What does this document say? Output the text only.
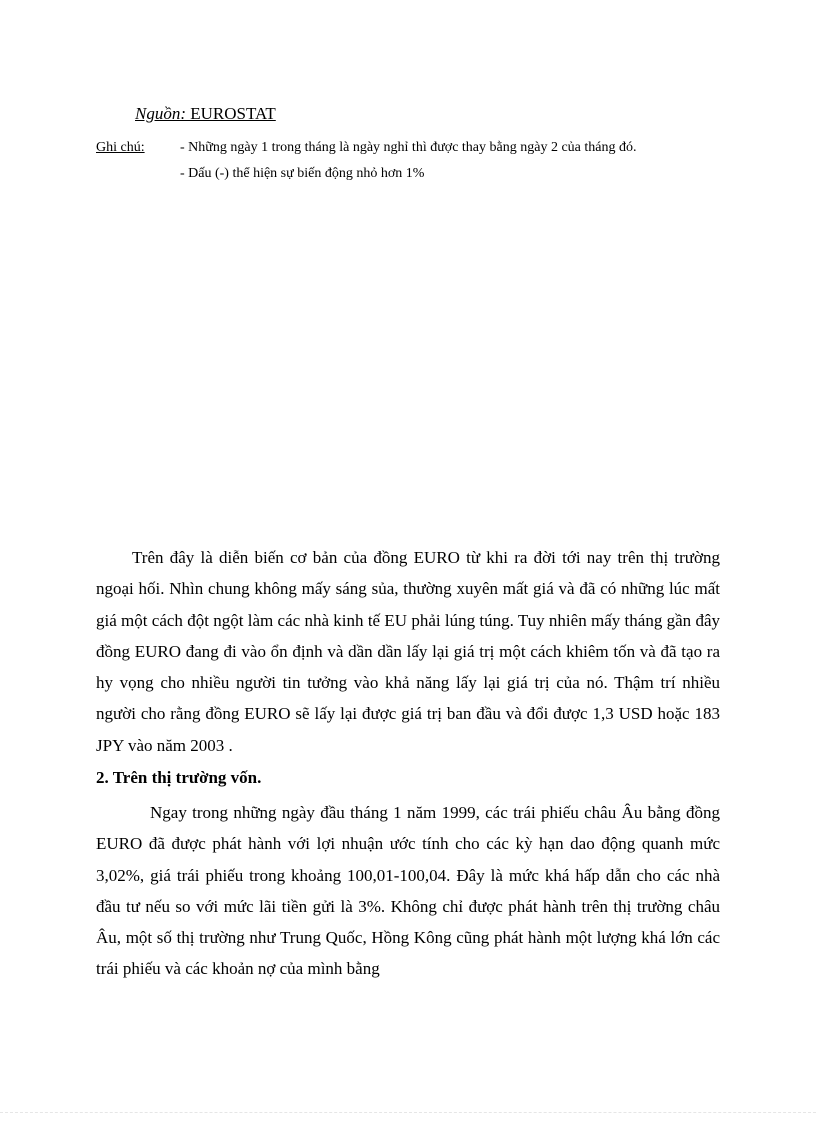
Nguồn: EUROSTAT
Ghi chú:	- Những ngày 1 trong tháng là ngày nghỉ thì được thay bằng ngày 2 của tháng đó.
- Dấu (-) thể hiện sự biến động nhỏ hơn 1%

Trên đây là diễn biến cơ bản của đồng EURO từ khi ra đời tới nay trên thị trường ngoại hối. Nhìn chung không mấy sáng sủa, thường xuyên mất giá và đã có những lúc mất giá một cách đột ngột làm các nhà kinh tế EU phải lúng túng. Tuy nhiên mấy tháng gần đây đồng EURO đang đi vào ổn định và dần dần lấy lại giá trị một cách khiêm tốn và đã tạo ra hy vọng cho nhiều người tin tưởng vào khả năng lấy lại giá trị của nó. Thậm trí nhiều người cho rằng đồng EURO sẽ lấy lại được giá trị ban đầu và đổi được 1,3 USD hoặc 183 JPY vào năm 2003 .

2. Trên thị trường vốn.

Ngay trong những ngày đầu tháng 1 năm 1999, các trái phiếu châu Âu bằng đồng EURO đã được phát hành với lợi nhuận ước tính cho các kỳ hạn dao động quanh mức 3,02%, giá trái phiếu trong khoảng 100,01-100,04. Đây là mức khá hấp dẫn cho các nhà đầu tư nếu so với mức lãi tiền gửi là 3%. Không chỉ được phát hành trên thị trường châu Âu, một số thị trường như Trung Quốc, Hồng Kông cũng phát hành một lượng khá lớn các trái phiếu và các khoản nợ của mình bằng
